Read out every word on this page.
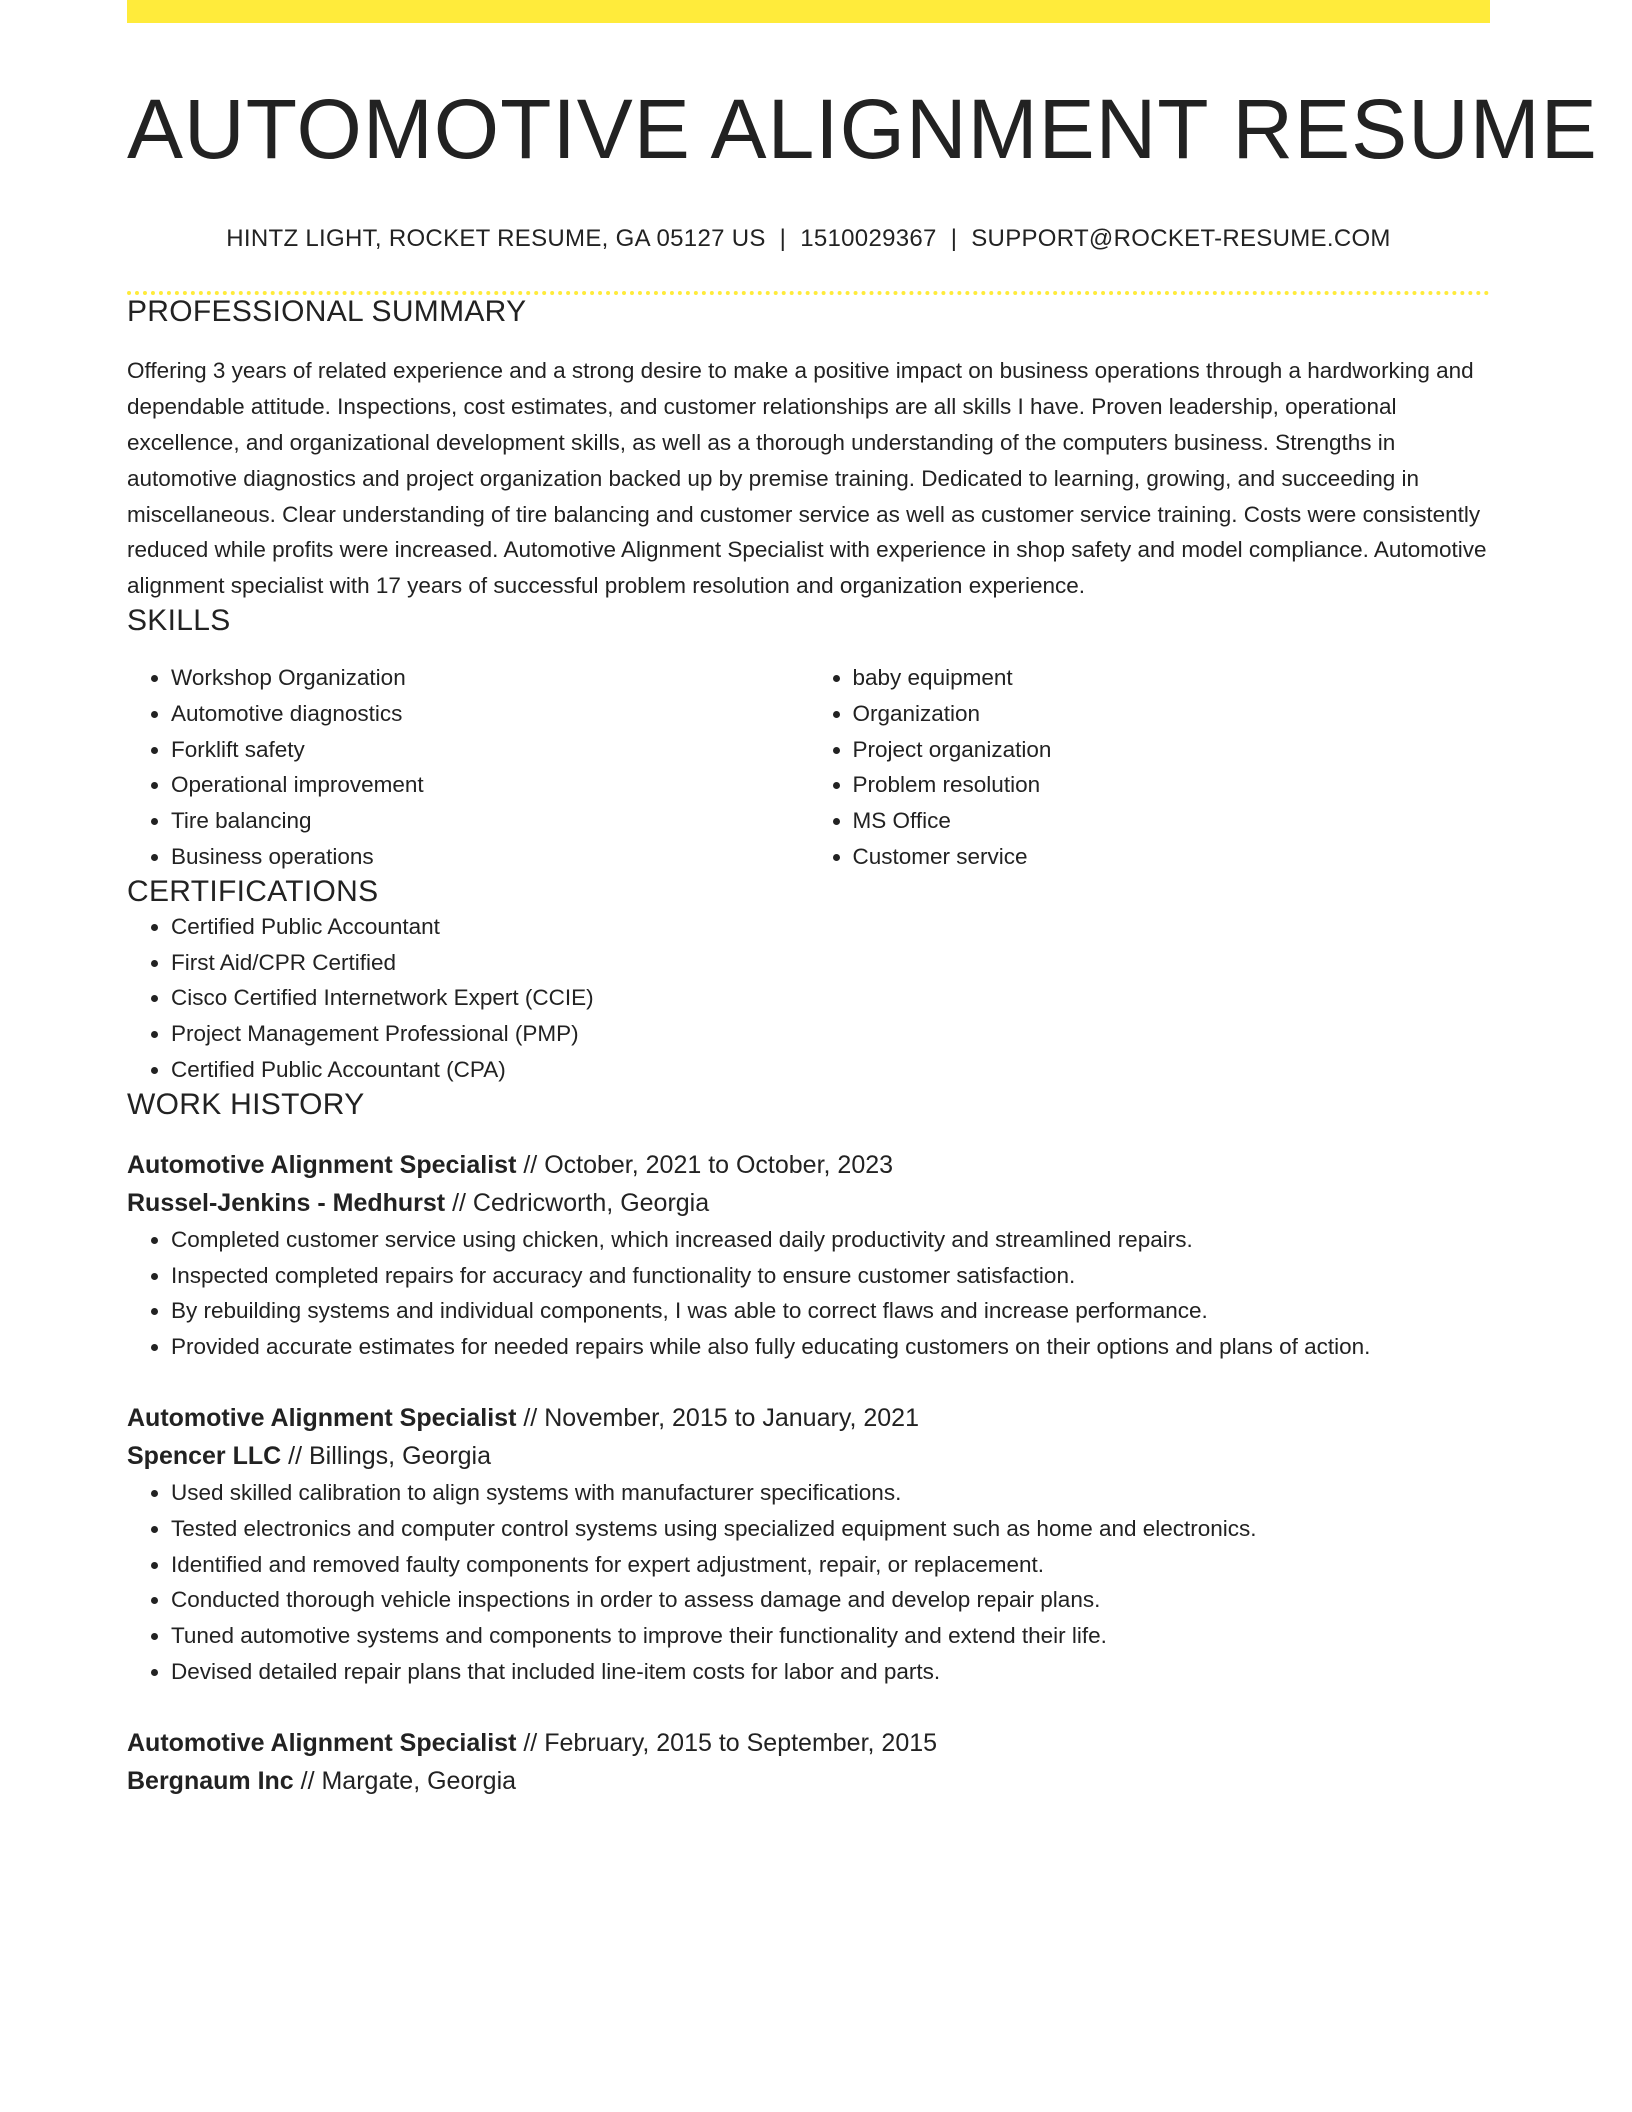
AUTOMOTIVE ALIGNMENT RESUME
HINTZ LIGHT, ROCKET RESUME, GA 05127 US | 1510029367 | SUPPORT@ROCKET-RESUME.COM
PROFESSIONAL SUMMARY
Offering 3 years of related experience and a strong desire to make a positive impact on business operations through a hardworking and dependable attitude. Inspections, cost estimates, and customer relationships are all skills I have. Proven leadership, operational excellence, and organizational development skills, as well as a thorough understanding of the computers business. Strengths in automotive diagnostics and project organization backed up by premise training. Dedicated to learning, growing, and succeeding in miscellaneous. Clear understanding of tire balancing and customer service as well as customer service training. Costs were consistently reduced while profits were increased. Automotive Alignment Specialist with experience in shop safety and model compliance. Automotive alignment specialist with 17 years of successful problem resolution and organization experience.
SKILLS
• Workshop Organization
• Automotive diagnostics
• Forklift safety
• Operational improvement
• Tire balancing
• Business operations
• baby equipment
• Organization
• Project organization
• Problem resolution
• MS Office
• Customer service
CERTIFICATIONS
• Certified Public Accountant
• First Aid/CPR Certified
• Cisco Certified Internetwork Expert (CCIE)
• Project Management Professional (PMP)
• Certified Public Accountant (CPA)
WORK HISTORY
Automotive Alignment Specialist // October, 2021 to October, 2023
Russel-Jenkins - Medhurst // Cedricworth, Georgia
• Completed customer service using chicken, which increased daily productivity and streamlined repairs.
• Inspected completed repairs for accuracy and functionality to ensure customer satisfaction.
• By rebuilding systems and individual components, I was able to correct flaws and increase performance.
• Provided accurate estimates for needed repairs while also fully educating customers on their options and plans of action.
Automotive Alignment Specialist // November, 2015 to January, 2021
Spencer LLC // Billings, Georgia
• Used skilled calibration to align systems with manufacturer specifications.
• Tested electronics and computer control systems using specialized equipment such as home and electronics.
• Identified and removed faulty components for expert adjustment, repair, or replacement.
• Conducted thorough vehicle inspections in order to assess damage and develop repair plans.
• Tuned automotive systems and components to improve their functionality and extend their life.
• Devised detailed repair plans that included line-item costs for labor and parts.
Automotive Alignment Specialist // February, 2015 to September, 2015
Bergnaum Inc // Margate, Georgia
